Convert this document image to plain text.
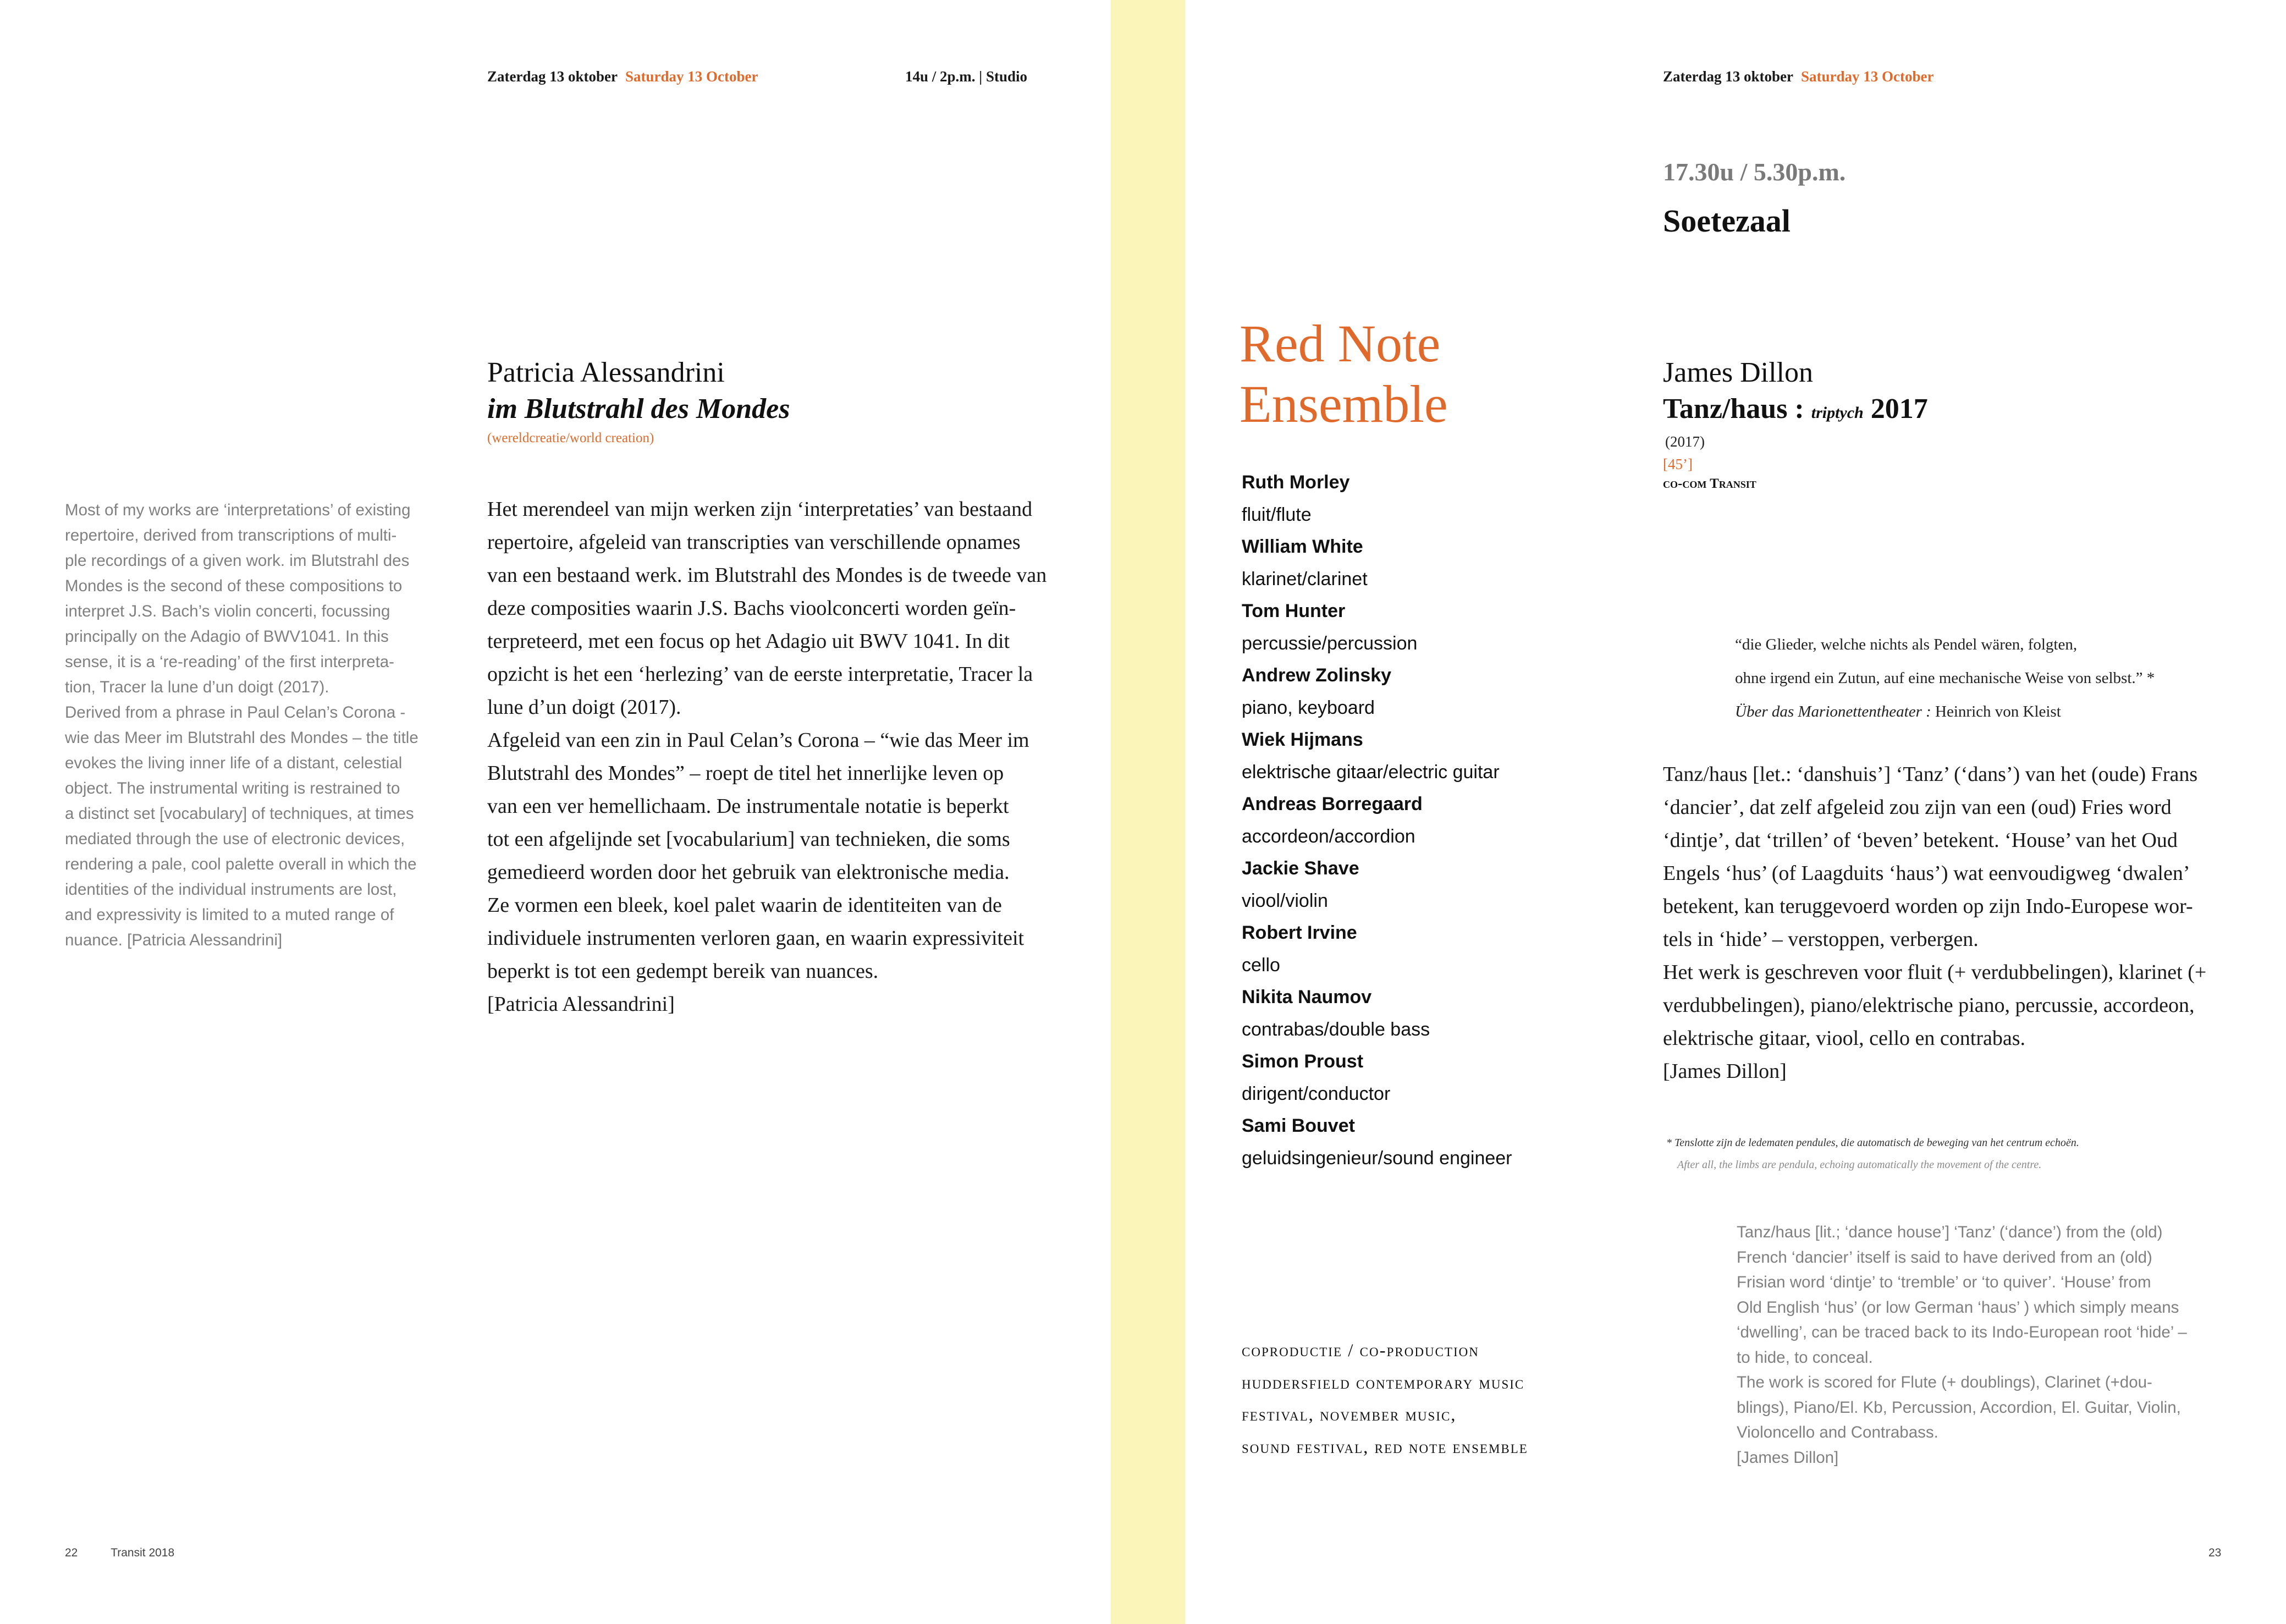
Zaterdag 13 oktober Saturday 13 October	14u / 2p.m. | Studio
Patricia Alessandrini
im Blutstrahl des Mondes
(wereldcreatie/world creation)

Most of my works are ‘interpretations’ of existing

repertoire, derived from transcriptions of multi-

ple recordings of a given work. im Blutstrahl des

Mondes is the second of these compositions to

interpret J.S. Bach’s violin concerti, focussing

principally on the Adagio of BWV1041. In this

sense, it is a ‘re-reading’ of the first interpreta-

tion, Tracer la lune d’un doigt (2017).

Derived from a phrase in Paul Celan’s Corona -

wie das Meer im Blutstrahl des Mondes – the title

evokes the living inner life of a distant, celestial

object. The instrumental writing is restrained to

a distinct set [vocabulary] of techniques, at times

mediated through the use of electronic devices,

rendering a pale, cool palette overall in which the

identities of the individual instruments are lost,

and expressivity is limited to a muted range of

nuance. [Patricia Alessandrini]

Het merendeel van mijn werken zijn ‘interpretaties’ van bestaand

repertoire, afgeleid van transcripties van verschillende opnames

van een bestaand werk. im Blutstrahl des Mondes is de tweede van

deze composities waarin J.S. Bachs vioolconcerti worden geïn-

terpreteerd, met een focus op het Adagio uit BWV 1041. In dit

opzicht is het een ‘herlezing’ van de eerste interpretatie, Tracer la

lune d’un doigt (2017).

Afgeleid van een zin in Paul Celan’s Corona – “wie das Meer im

Blutstrahl des Mondes” – roept de titel het innerlijke leven op

van een ver hemellichaam. De instrumentale notatie is beperkt

tot een afgelijnde set [vocabularium] van technieken, die soms

gemedieerd worden door het gebruik van elektronische media.

Ze vormen een bleek, koel palet waarin de identiteiten van de

individuele instrumenten verloren gaan, en waarin expressiviteit

beperkt is tot een gedempt bereik van nuances.

[Patricia Alessandrini]

22	Transit 2018
Zaterdag 13 oktober Saturday 13 October
17.30u / 5.30p.m.
Soetezaal
Red Note
Ensemble
Ruth Morley
fluit/flute
William White
klarinet/clarinet
Tom Hunter
percussie/percussion
Andrew Zolinsky
piano, keyboard
Wiek Hijmans
elektrische gitaar/electric guitar
Andreas Borregaard
accordeon/accordion
Jackie Shave
viool/violin
Robert Irvine
cello
Nikita Naumov
contrabas/double bass
Simon Proust
dirigent/conductor
Sami Bouvet
geluidsingenieur/sound engineer
coproductie / co-production
huddersfield contemporary music
festival, november music,
sound festival, red note ensemble
James Dillon
Tanz/haus : triptych 2017
(2017)
[45’]
co-com Transit
“die Glieder, welche nichts als Pendel wären, folgten,
ohne irgend ein Zutun, auf eine mechanische Weise von selbst.” *
Über das Marionettentheater : Heinrich von Kleist

Tanz/haus [let.: ‘danshuis’] ‘Tanz’ (‘dans’) van het (oude) Frans

‘dancier’, dat zelf afgeleid zou zijn van een (oud) Fries word

‘dintje’, dat ‘trillen’ of ‘beven’ betekent. ‘House’ van het Oud

Engels ‘hus’ (of Laagduits ‘haus’) wat eenvoudigweg ‘dwalen’

betekent, kan teruggevoerd worden op zijn Indo-Europese wor-

tels in ‘hide’ – verstoppen, verbergen.

Het werk is geschreven voor fluit (+ verdubbelingen), klarinet (+

verdubbelingen), piano/elektrische piano, percussie, accordeon,

elektrische gitaar, viool, cello en contrabas.

[James Dillon]

* Tenslotte zijn de ledematen pendules, die automatisch de beweging van het centrum echoën.
After all, the limbs are pendula, echoing automatically the movement of the centre.

Tanz/haus [lit.; ‘dance house’] ‘Tanz’ (‘dance’) from the (old)

French ‘dancier’ itself is said to have derived from an (old)

Frisian word ‘dintje’ to ‘tremble’ or ‘to quiver’. ‘House’ from

Old English ‘hus’ (or low German ‘haus’ ) which simply means

‘dwelling’, can be traced back to its Indo-European root ‘hide’ –

to hide, to conceal.

The work is scored for Flute (+ doublings), Clarinet (+dou-

blings), Piano/El. Kb, Percussion, Accordion, El. Guitar, Violin,

Violoncello and Contrabass.

[James Dillon]

23
